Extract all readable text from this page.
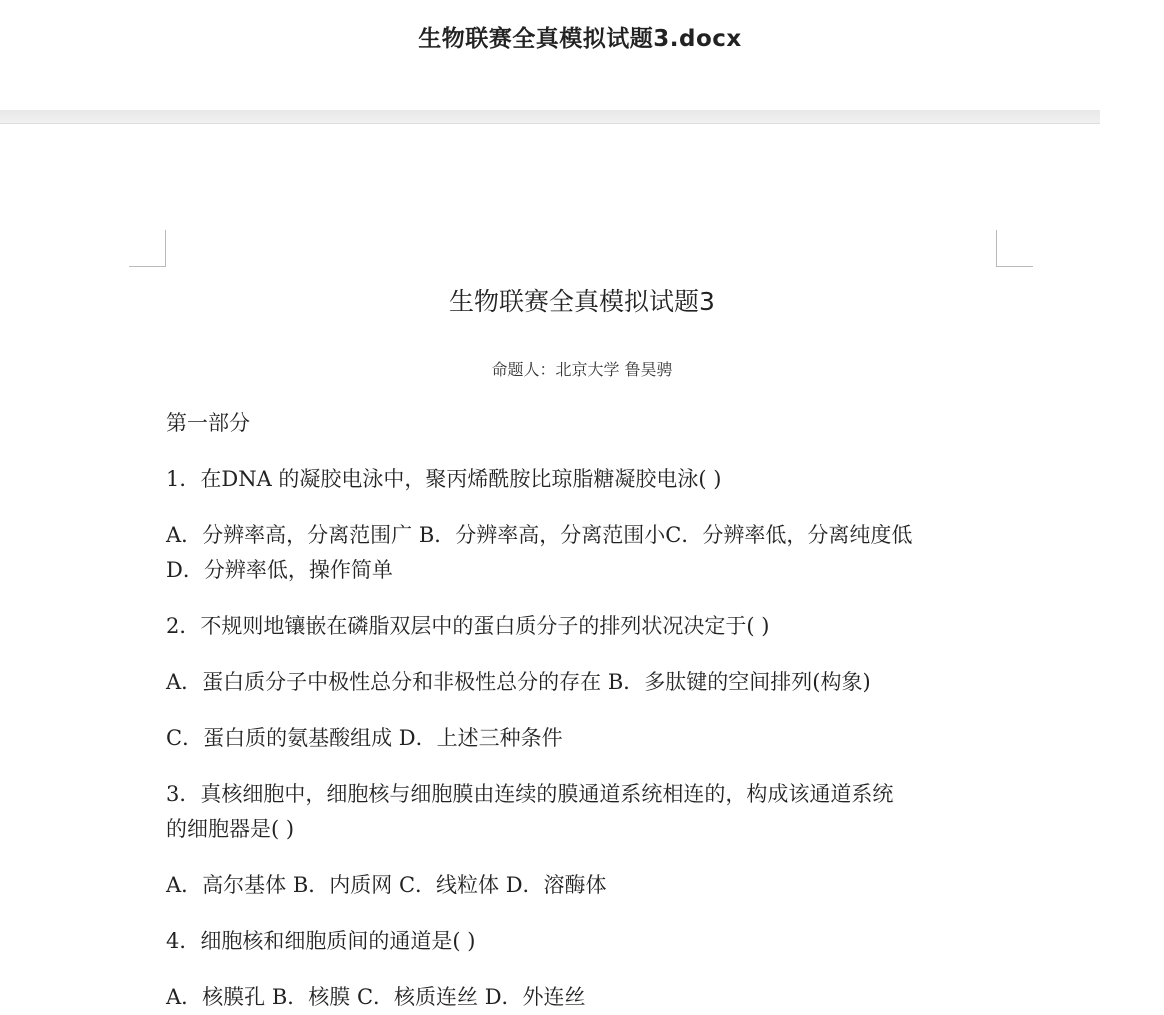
生物联赛全真模拟试题3.docx
生物联赛全真模拟试题3
命题人：北京大学 鲁昊骋
第一部分
1．在DNA 的凝胶电泳中，聚丙烯酰胺比琼脂糖凝胶电泳( )
A．分辨率高，分离范围广 B．分辨率高，分离范围小C．分辨率低，分离纯度低
D．分辨率低，操作简单
2．不规则地镶嵌在磷脂双层中的蛋白质分子的排列状况决定于( )
A．蛋白质分子中极性总分和非极性总分的存在 B．多肽键的空间排列(构象)
C．蛋白质的氨基酸组成 D．上述三种条件
3．真核细胞中，细胞核与细胞膜由连续的膜通道系统相连的，构成该通道系统
的细胞器是( )
A．高尔基体 B．内质网 C．线粒体 D．溶酶体
4．细胞核和细胞质间的通道是( )
A．核膜孔 B．核膜 C．核质连丝 D．外连丝
